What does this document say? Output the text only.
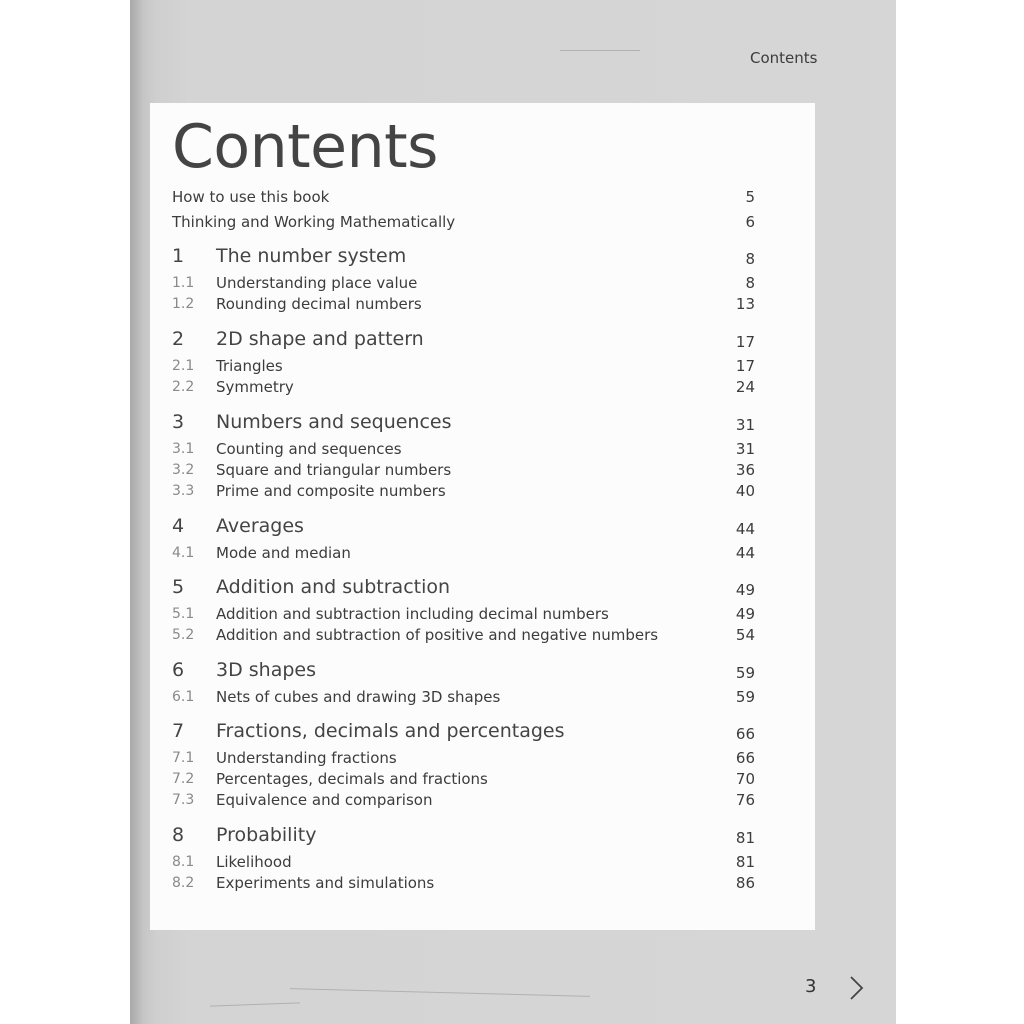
Contents
Contents
How to use this book	5
Thinking and Working Mathematically	6
1 The number system	8
1.1 Understanding place value	8
1.2 Rounding decimal numbers	13
2 2D shape and pattern	17
2.1 Triangles	17
2.2 Symmetry	24
3 Numbers and sequences	31
3.1 Counting and sequences	31
3.2 Square and triangular numbers	36
3.3 Prime and composite numbers	40
4 Averages	44
4.1 Mode and median	44
5 Addition and subtraction	49
5.1 Addition and subtraction including decimal numbers	49
5.2 Addition and subtraction of positive and negative numbers	54
6 3D shapes	59
6.1 Nets of cubes and drawing 3D shapes	59
7 Fractions, decimals and percentages	66
7.1 Understanding fractions	66
7.2 Percentages, decimals and fractions	70
7.3 Equivalence and comparison	76
8 Probability	81
8.1 Likelihood	81
8.2 Experiments and simulations	86
3
